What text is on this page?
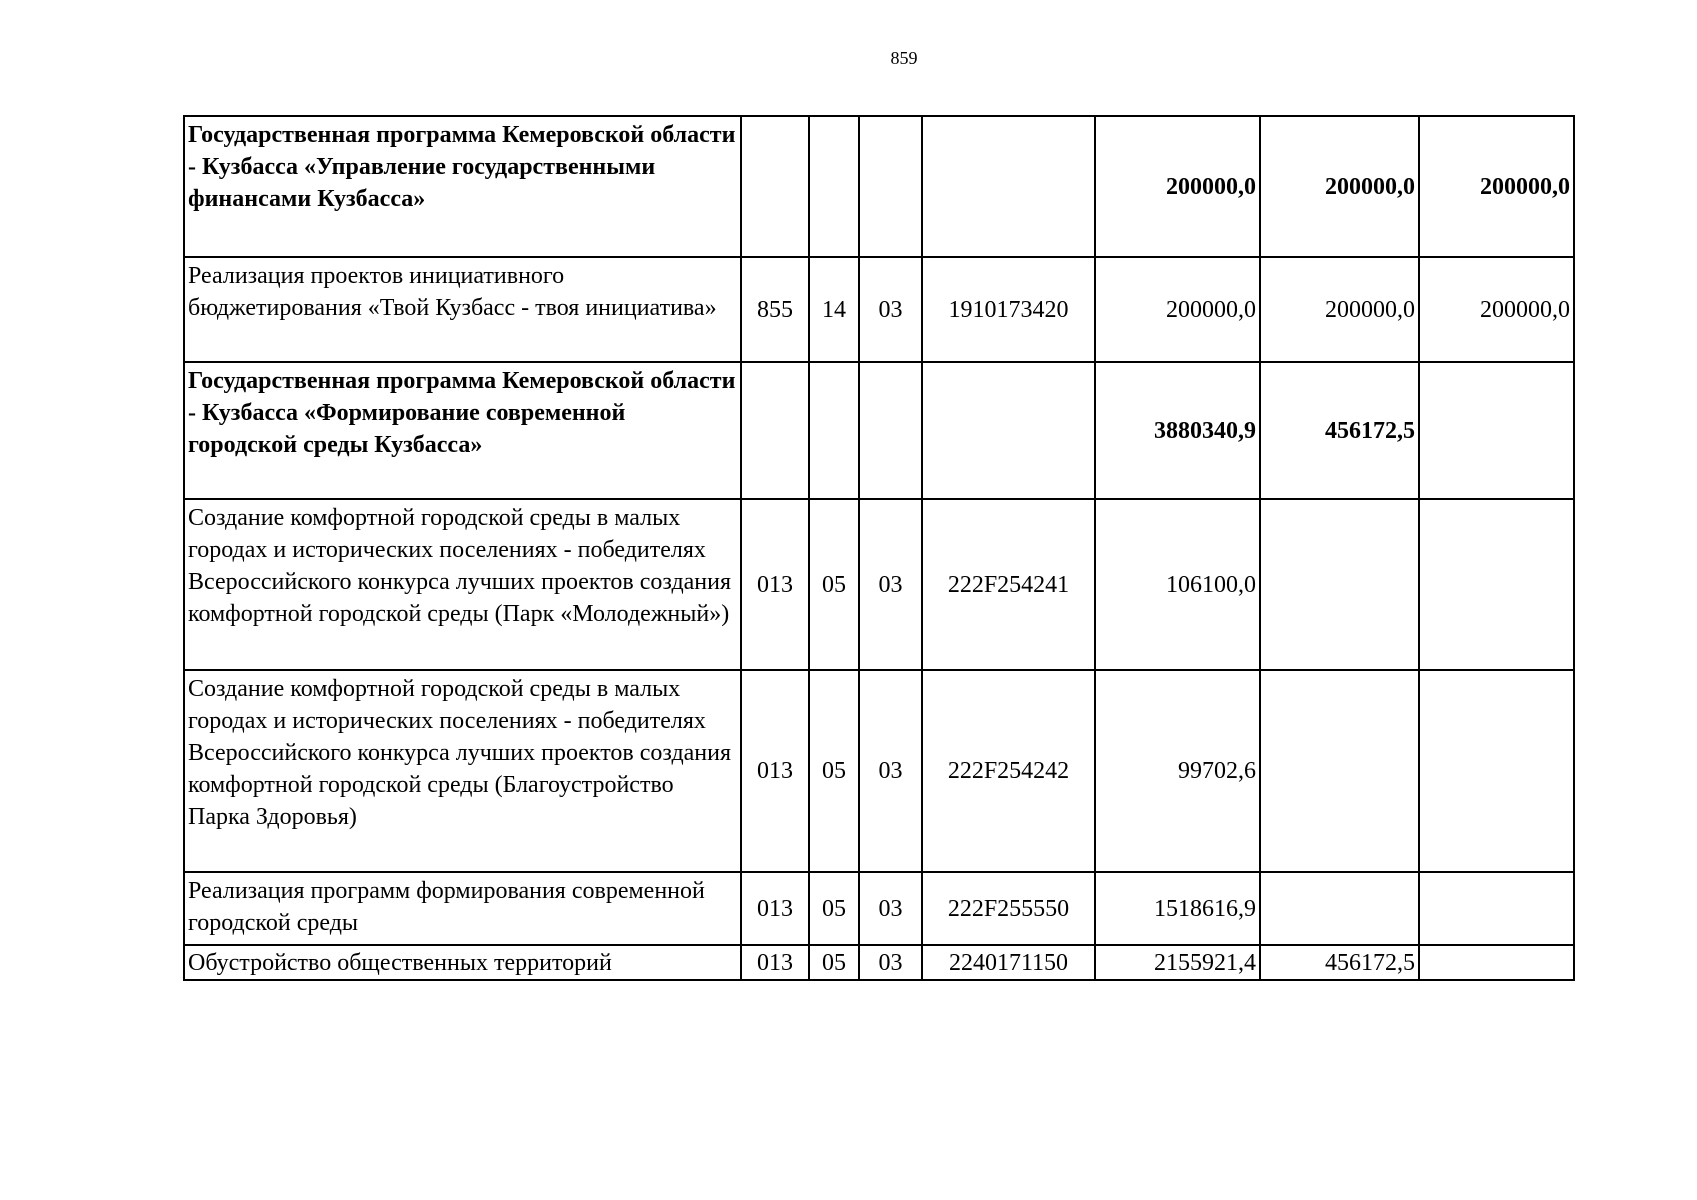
859
Государственная программа Кемеровской области - Кузбасса «Управление государственными финансами Кузбасса»					200000,0	200000,0	200000,0
Реализация проектов инициативного бюджетирования «Твой Кузбасс - твоя инициатива»	855	14	03	1910173420	200000,0	200000,0	200000,0
Государственная программа Кемеровской области - Кузбасса «Формирование современной городской среды Кузбасса»					3880340,9	456172,5	
Создание комфортной городской среды в малых городах и исторических поселениях - победителях Всероссийского конкурса лучших проектов создания комфортной городской среды (Парк «Молодежный»)	013	05	03	222F254241	106100,0		
Создание комфортной городской среды в малых городах и исторических поселениях - победителях Всероссийского конкурса лучших проектов создания комфортной городской среды (Благоустройство Парка Здоровья)	013	05	03	222F254242	99702,6		
Реализация программ формирования современной городской среды	013	05	03	222F255550	1518616,9		
Обустройство общественных территорий	013	05	03	2240171150	2155921,4	456172,5	
